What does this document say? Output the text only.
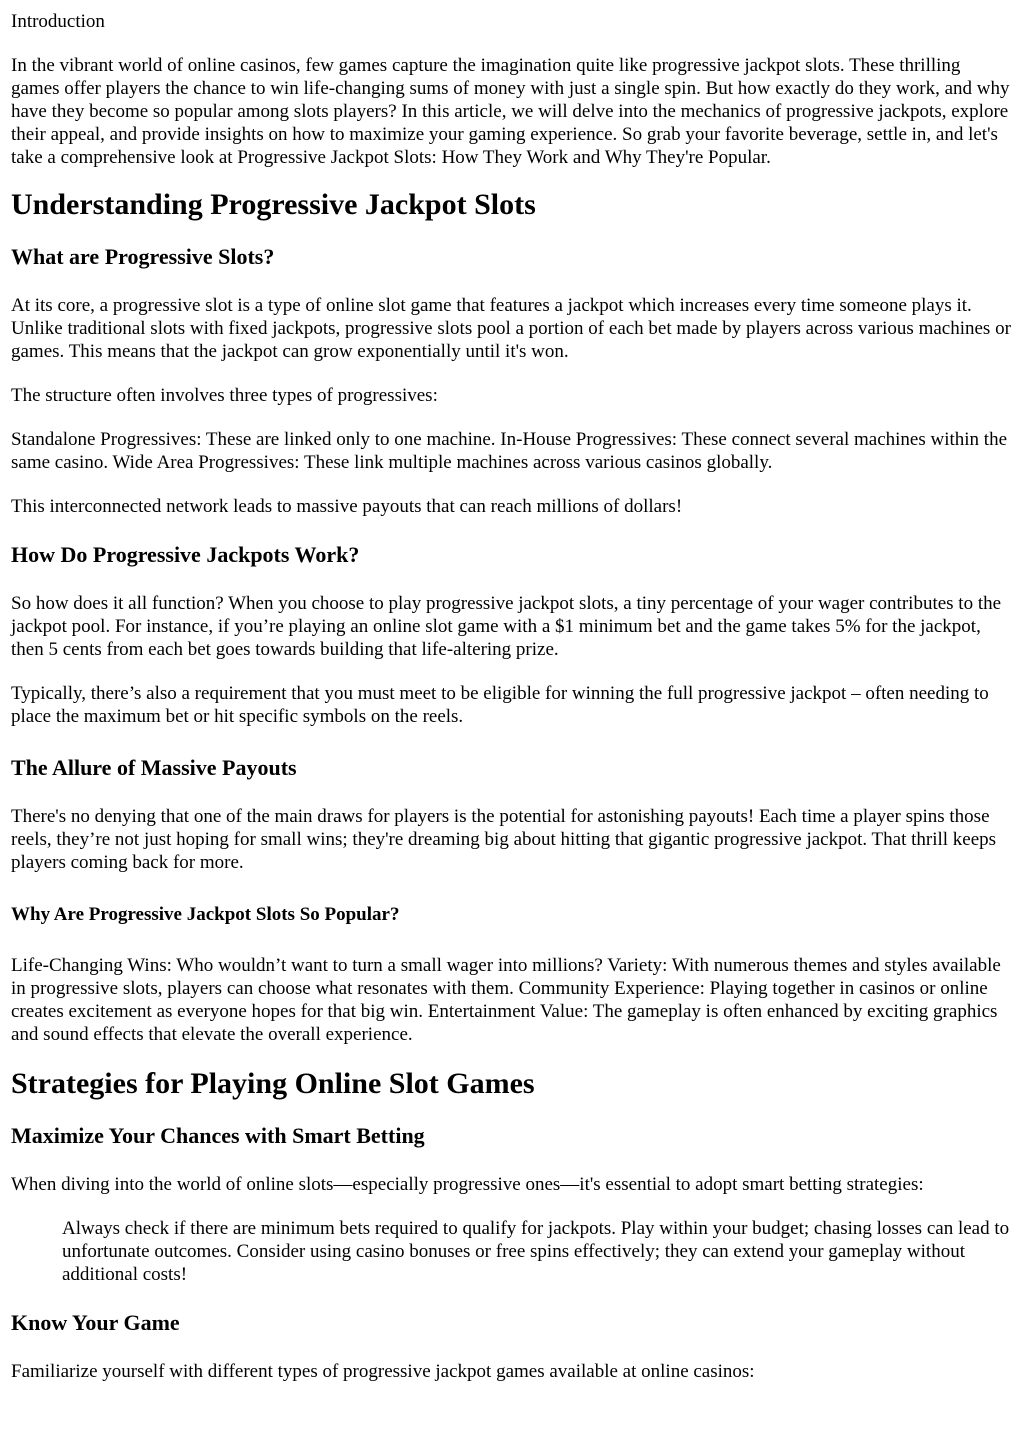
Introduction

In the vibrant world of online casinos, few games capture the imagination quite like progressive jackpot slots. These thrilling games offer players the chance to win life-changing sums of money with just a single spin. But how exactly do they work, and why have they become so popular among slots players? In this article, we will delve into the mechanics of progressive jackpots, explore their appeal, and provide insights on how to maximize your gaming experience. So grab your favorite beverage, settle in, and let's take a comprehensive look at Progressive Jackpot Slots: How They Work and Why They're Popular.

Understanding Progressive Jackpot Slots
What are Progressive Slots?

At its core, a progressive slot is a type of online slot game that features a jackpot which increases every time someone plays it. Unlike traditional slots with fixed jackpots, progressive slots pool a portion of each bet made by players across various machines or games. This means that the jackpot can grow exponentially until it's won.

The structure often involves three types of progressives:

Standalone Progressives: These are linked only to one machine. In-House Progressives: These connect several machines within the same casino. Wide Area Progressives: These link multiple machines across various casinos globally.

This interconnected network leads to massive payouts that can reach millions of dollars!

How Do Progressive Jackpots Work?

So how does it all function? When you choose to play progressive jackpot slots, a tiny percentage of your wager contributes to the jackpot pool. For instance, if you’re playing an online slot game with a $1 minimum bet and the game takes 5% for the jackpot, then 5 cents from each bet goes towards building that life-altering prize.

Typically, there’s also a requirement that you must meet to be eligible for winning the full progressive jackpot – often needing to place the maximum bet or hit specific symbols on the reels.

The Allure of Massive Payouts

There's no denying that one of the main draws for players is the potential for astonishing payouts! Each time a player spins those reels, they’re not just hoping for small wins; they're dreaming big about hitting that gigantic progressive jackpot. That thrill keeps players coming back for more.

Why Are Progressive Jackpot Slots So Popular?

Life-Changing Wins: Who wouldn’t want to turn a small wager into millions? Variety: With numerous themes and styles available in progressive slots, players can choose what resonates with them. Community Experience: Playing together in casinos or online creates excitement as everyone hopes for that big win. Entertainment Value: The gameplay is often enhanced by exciting graphics and sound effects that elevate the overall experience.

Strategies for Playing Online Slot Games
Maximize Your Chances with Smart Betting

When diving into the world of online slots—especially progressive ones—it's essential to adopt smart betting strategies:

Always check if there are minimum bets required to qualify for jackpots. Play within your budget; chasing losses can lead to unfortunate outcomes. Consider using casino bonuses or free spins effectively; they can extend your gameplay without additional costs!
Know Your Game

Familiarize yourself with different types of progressive jackpot games available at online casinos:
